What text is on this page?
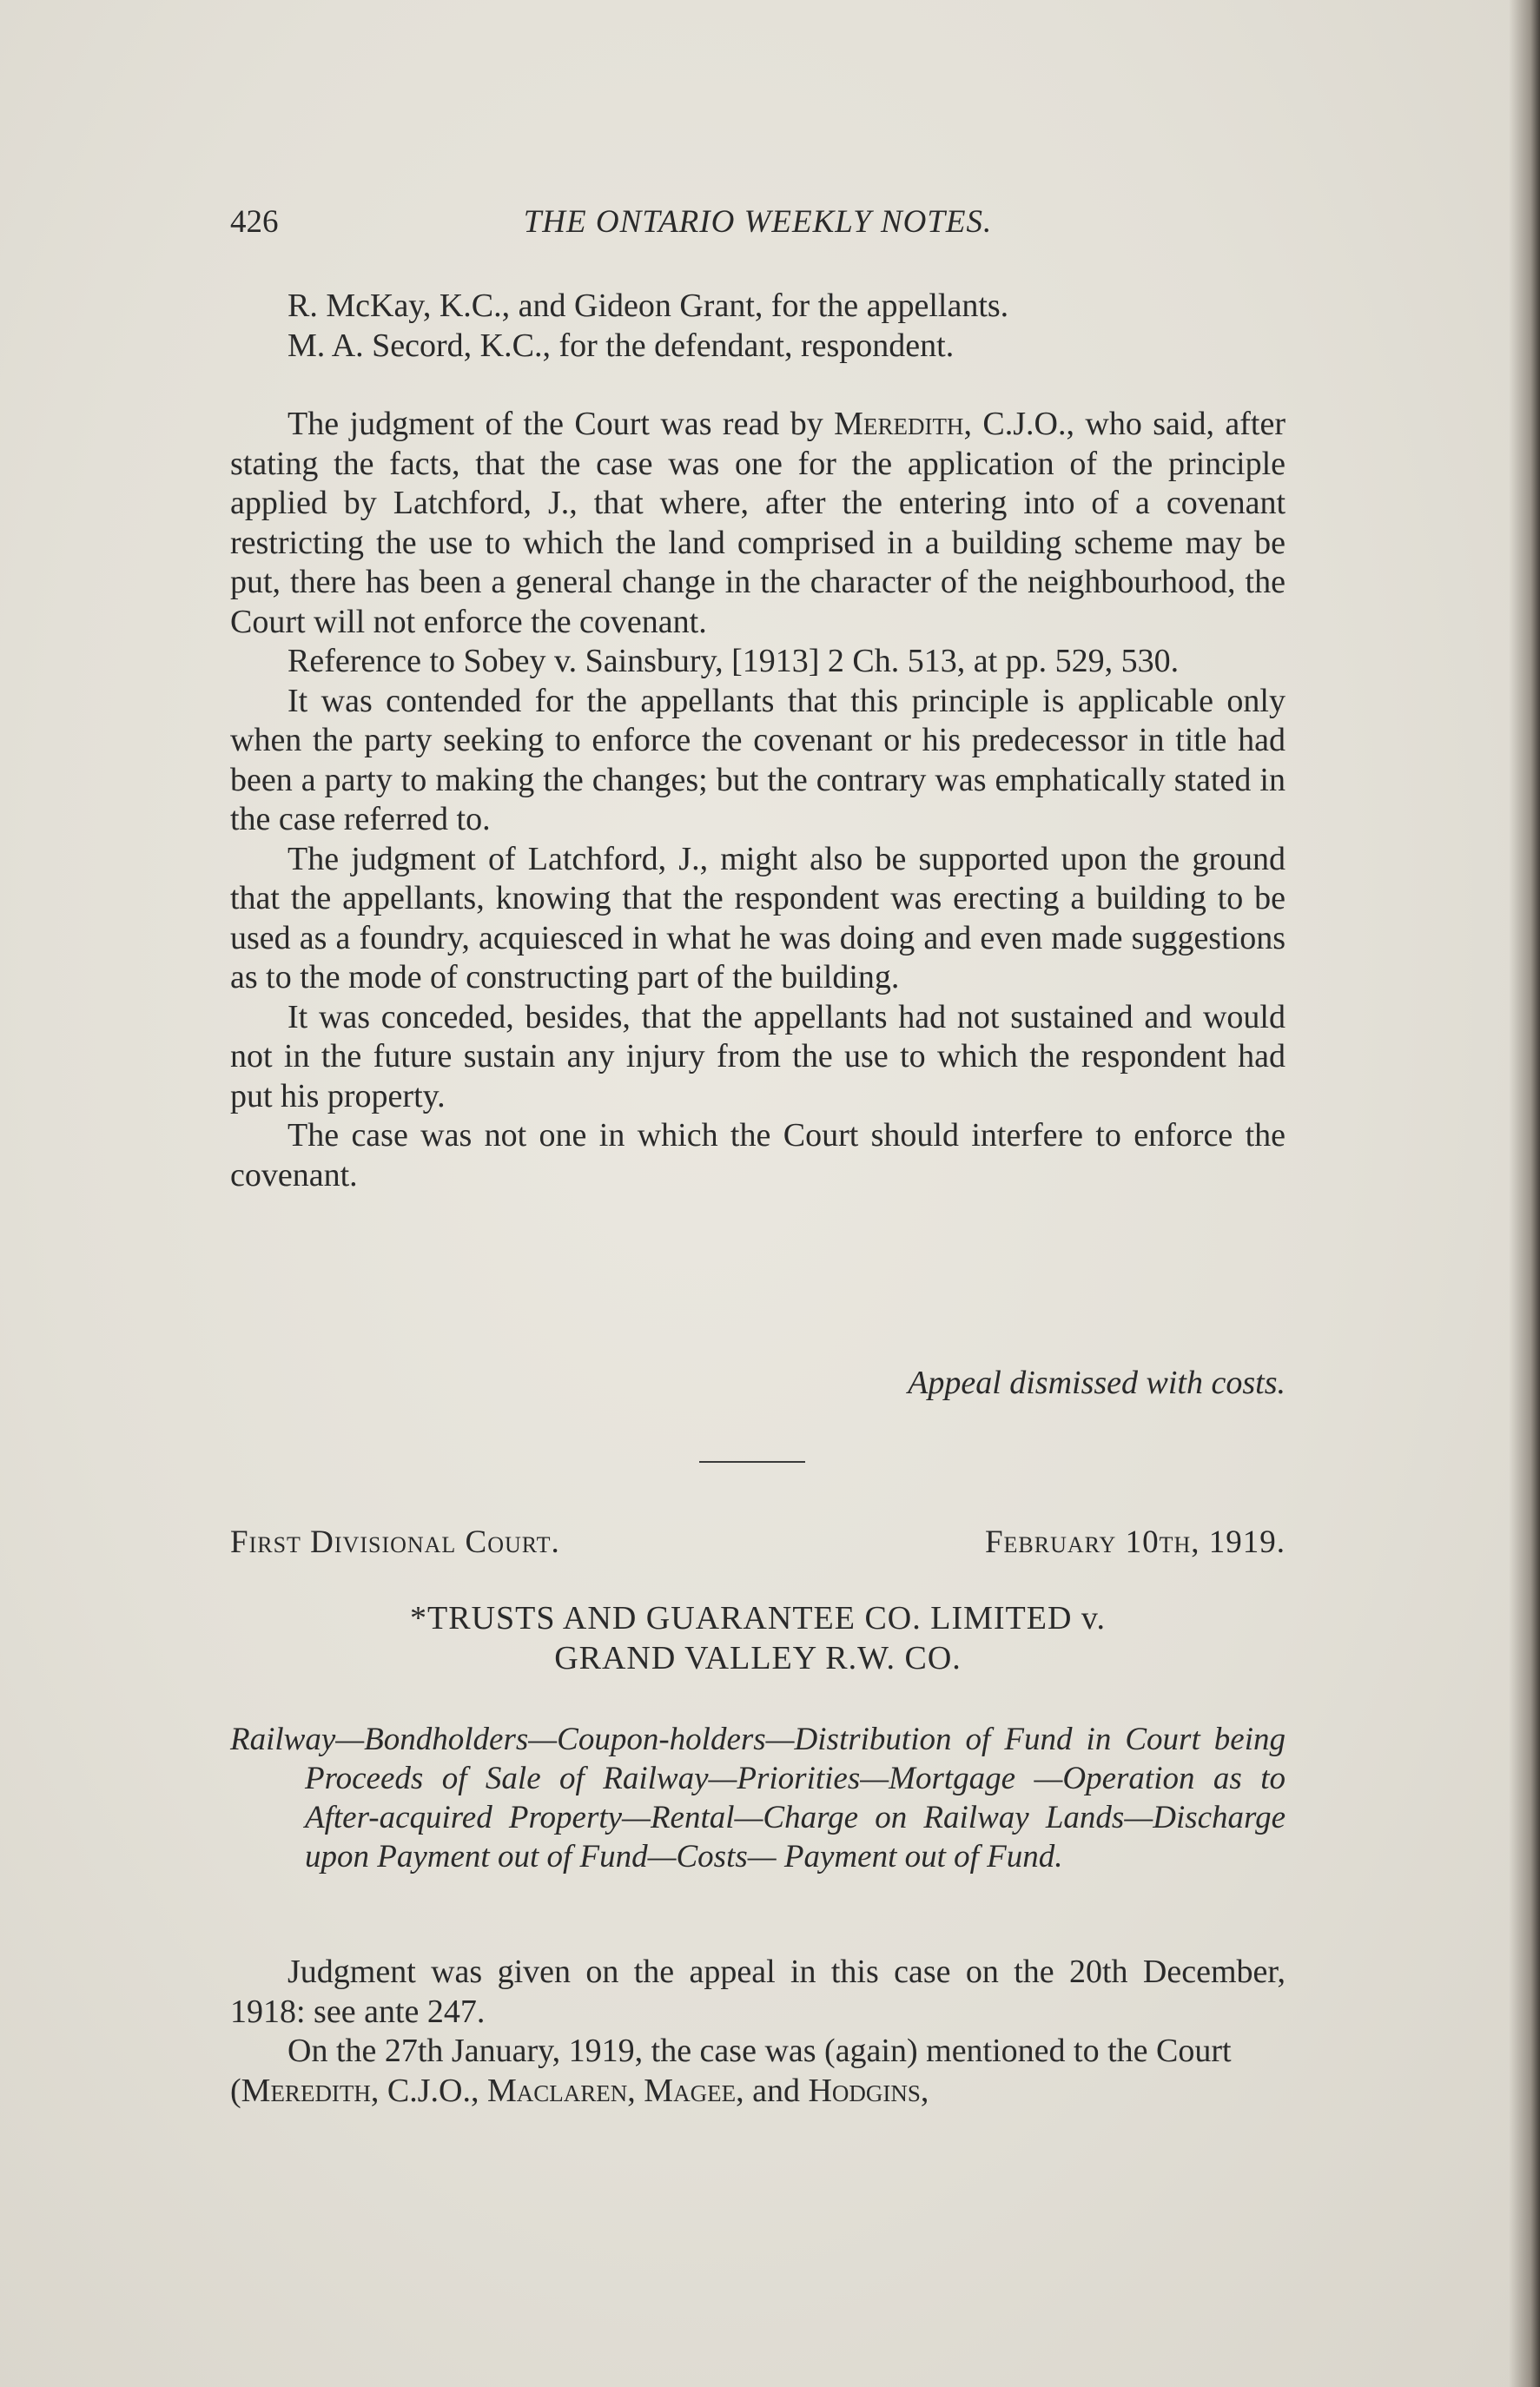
426	THE ONTARIO WEEKLY NOTES.

R. McKay, K.C., and Gideon Grant, for the appellants.

M. A. Secord, K.C., for the defendant, respondent.

The judgment of the Court was read by Meredith, C.J.O., who said, after stating the facts, that the case was one for the application of the principle applied by Latchford, J., that where, after the entering into of a covenant restricting the use to which the land comprised in a building scheme may be put, there has been a general change in the character of the neighbourhood, the Court will not enforce the covenant.

Reference to Sobey v. Sainsbury, [1913] 2 Ch. 513, at pp. 529, 530.

It was contended for the appellants that this principle is applicable only when the party seeking to enforce the covenant or his predecessor in title had been a party to making the changes; but the contrary was emphatically stated in the case referred to.

The judgment of Latchford, J., might also be supported upon the ground that the appellants, knowing that the respondent was erecting a building to be used as a foundry, acquiesced in what he was doing and even made suggestions as to the mode of constructing part of the building.

It was conceded, besides, that the appellants had not sustained and would not in the future sustain any injury from the use to which the respondent had put his property.

The case was not one in which the Court should interfere to enforce the covenant.

Appeal dismissed with costs.
First Divisional Court.	February 10th, 1919.
*TRUSTS AND GUARANTEE CO. LIMITED v.
GRAND VALLEY R.W. CO.
Railway—Bondholders—Coupon-holders—Distribution of Fund in Court being Proceeds of Sale of Railway—Priorities—Mortgage —Operation as to After-acquired Property—Rental—Charge on Railway Lands—Discharge upon Payment out of Fund—Costs— Payment out of Fund.

Judgment was given on the appeal in this case on the 20th December, 1918: see ante 247.

On the 27th January, 1919, the case was (again) mentioned to the Court (Meredith, C.J.O., Maclaren, Magee, and Hodgins,
